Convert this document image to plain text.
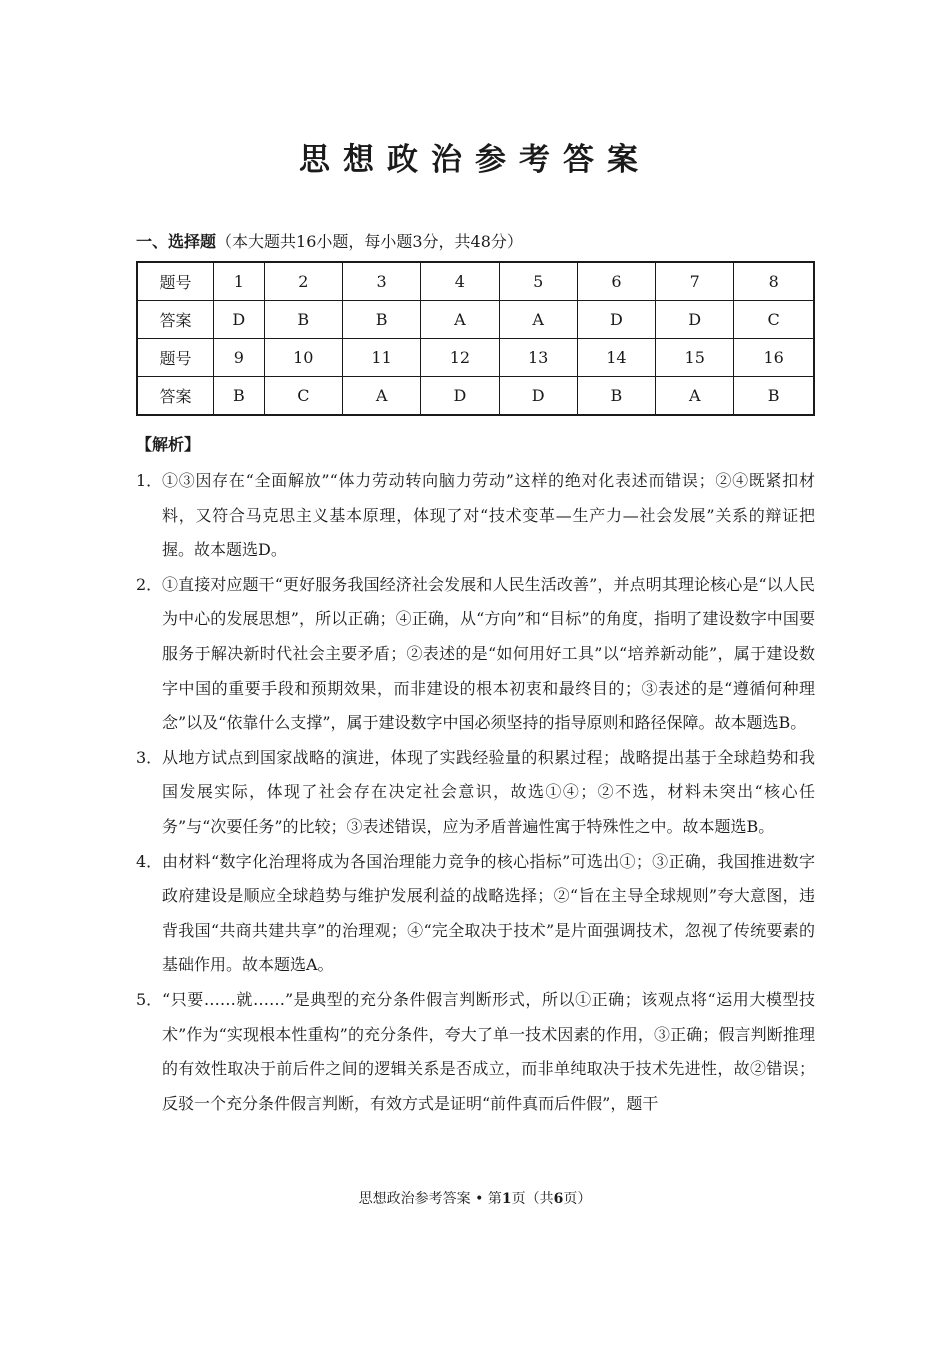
思想政治参考答案
一、选择题（本大题共16小题，每小题3分，共48分）
题号	1	2	3	4	5	6	7	8
答案	D	B	B	A	A	D	D	C
题号	9	10	11	12	13	14	15	16
答案	B	C	A	D	D	B	A	B
【解析】
1． ①③因存在“全面解放”“体力劳动转向脑力劳动”这样的绝对化表述而错误；②④既紧扣材料，又符合马克思主义基本原理，体现了对“技术变革—生产力—社会发展”关系的辩证把握。故本题选D。
2． ①直接对应题干“更好服务我国经济社会发展和人民生活改善”，并点明其理论核心是“以人民为中心的发展思想”，所以正确；④正确，从“方向”和“目标”的角度，指明了建设数字中国要服务于解决新时代社会主要矛盾；②表述的是“如何用好工具”以“培养新动能”，属于建设数字中国的重要手段和预期效果，而非建设的根本初衷和最终目的；③表述的是“遵循何种理念”以及“依靠什么支撑”，属于建设数字中国必须坚持的指导原则和路径保障。故本题选B。
3． 从地方试点到国家战略的演进，体现了实践经验量的积累过程；战略提出基于全球趋势和我国发展实际，体现了社会存在决定社会意识，故选①④；②不选，材料未突出“核心任务”与“次要任务”的比较；③表述错误，应为矛盾普遍性寓于特殊性之中。故本题选B。
4． 由材料“数字化治理将成为各国治理能力竞争的核心指标”可选出①；③正确，我国推进数字政府建设是顺应全球趋势与维护发展利益的战略选择；②“旨在主导全球规则”夸大意图，违背我国“共商共建共享”的治理观；④“完全取决于技术”是片面强调技术，忽视了传统要素的基础作用。故本题选A。
5． “只要……就……”是典型的充分条件假言判断形式，所以①正确；该观点将“运用大模型技术”作为“实现根本性重构”的充分条件，夸大了单一技术因素的作用，③正确；假言判断推理的有效性取决于前后件之间的逻辑关系是否成立，而非单纯取决于技术先进性，故②错误；反驳一个充分条件假言判断，有效方式是证明“前件真而后件假”，题干
思想政治参考答案 • 第1页（共6页）
